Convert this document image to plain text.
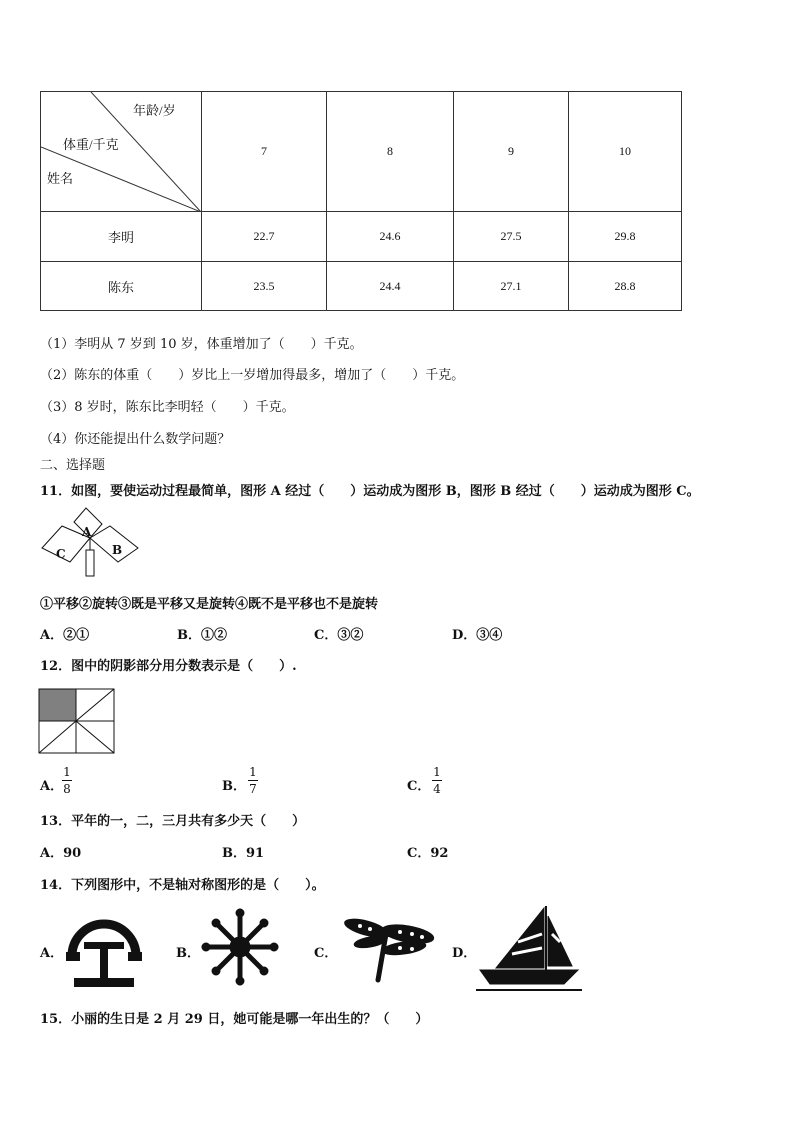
年龄/岁
体重/千克
姓名	7	8	9	10
李明	22.7	24.6	27.5	29.8
陈东	23.5	24.4	27.1	28.8
（1）李明从 7 岁到 10 岁，体重增加了（　　）千克。
（2）陈东的体重（　　）岁比上一岁增加得最多，增加了（　　）千克。
（3）8 岁时，陈东比李明轻（　　）千克。
（4）你还能提出什么数学问题？
二、选择题
11．如图，要使运动过程最简单，图形 A 经过（　　）运动成为图形 B，图形 B 经过（　　）运动成为图形 C。
A
B
C
①平移②旋转③既是平移又是旋转④既不是平移也不是旋转
A．②①	B．①②	C．③②	D．③④
12．图中的阴影部分用分数表示是（　　）.
A．
1
8	B．
1
7	C．
1
4
13．平年的一，二，三月共有多少天（　　）
A．90	B．91	C．92
14．下列图形中，不是轴对称图形的是（　　）。
A．	B．	C．	D．
15．小丽的生日是 2 月 29 日，她可能是哪一年出生的？（　　）
